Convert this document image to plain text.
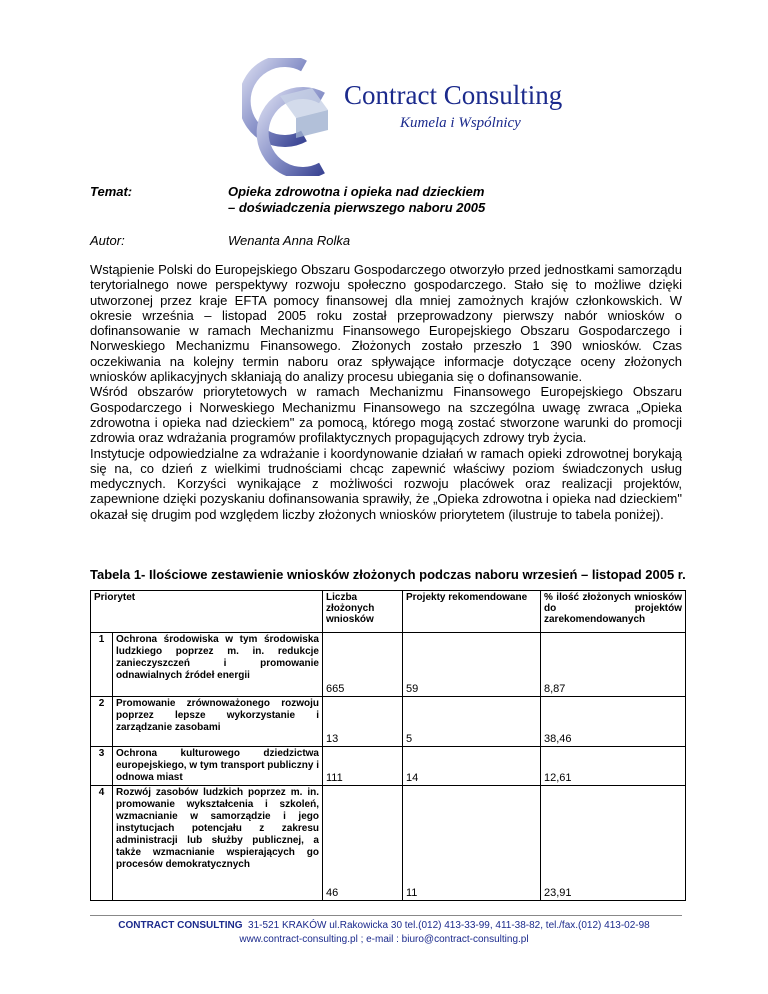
Contract Consulting
Kumela i Wspólnicy
Temat:	Opieka zdrowotna i opieka nad dzieckiem
– doświadczenia pierwszego naboru 2005
Autor:	Wenanta Anna Rolka

Wstąpienie Polski do Europejskiego Obszaru Gospodarczego otworzyło przed jednostkami samorządu terytorialnego nowe perspektywy rozwoju społeczno gospodarczego. Stało się to możliwe dzięki utworzonej przez kraje EFTA pomocy finansowej dla mniej zamożnych krajów członkowskich. W okresie września – listopad 2005 roku został przeprowadzony pierwszy nabór wniosków o dofinansowanie w ramach Mechanizmu Finansowego Europejskiego Obszaru Gospodarczego i Norweskiego Mechanizmu Finansowego. Złożonych zostało przeszło 1 390 wniosków. Czas oczekiwania na kolejny termin naboru oraz spływające informacje dotyczące oceny złożonych wniosków aplikacyjnych skłaniają do analizy procesu ubiegania się o dofinansowanie.

Wśród obszarów priorytetowych w ramach Mechanizmu Finansowego Europejskiego Obszaru Gospodarczego i Norweskiego Mechanizmu Finansowego na szczególna uwagę zwraca „Opieka zdrowotna i opieka nad dzieckiem" za pomocą, którego mogą zostać stworzone warunki do promocji zdrowia oraz wdrażania programów profilaktycznych propagujących zdrowy tryb życia.

Instytucje odpowiedzialne za wdrażanie i koordynowanie działań w ramach opieki zdrowotnej borykają się na, co dzień z wielkimi trudnościami chcąc zapewnić właściwy poziom świadczonych usług medycznych. Korzyści wynikające z możliwości rozwoju placówek oraz realizacji projektów, zapewnione dzięki pozyskaniu dofinansowania sprawiły, że „Opieka zdrowotna i opieka nad dzieckiem" okazał się drugim pod względem liczby złożonych wniosków priorytetem (ilustruje to tabela poniżej).

Tabela 1- Ilościowe zestawienie wniosków złożonych podczas naboru wrzesień – listopad 2005 r.
Priorytet		Liczba złożonych wniosków	Projekty rekomendowane	% ilość złożonych wniosków do projektów zarekomendowanych
1	Ochrona środowiska w tym środowiska ludzkiego poprzez m. in. redukcje zanieczyszczeń i promowanie odnawialnych źródeł energii	665	59	8,87
2	Promowanie zrównoważonego rozwoju poprzez lepsze wykorzystanie i zarządzanie zasobami	13	5	38,46
3	Ochrona kulturowego dziedzictwa europejskiego, w tym transport publiczny i odnowa miast	111	14	12,61
4	Rozwój zasobów ludzkich poprzez m. in. promowanie wykształcenia i szkoleń, wzmacnianie w samorządzie i jego instytucjach potencjału z zakresu administracji lub służby publicznej, a także wzmacnianie wspierających go procesów demokratycznych	46	11	23,91
CONTRACT CONSULTING 31-521 KRAKÓW ul.Rakowicka 30 tel.(012) 413-33-99, 411-38-82, tel./fax.(012) 413-02-98
www.contract-consulting.pl ; e-mail : biuro@contract-consulting.pl
